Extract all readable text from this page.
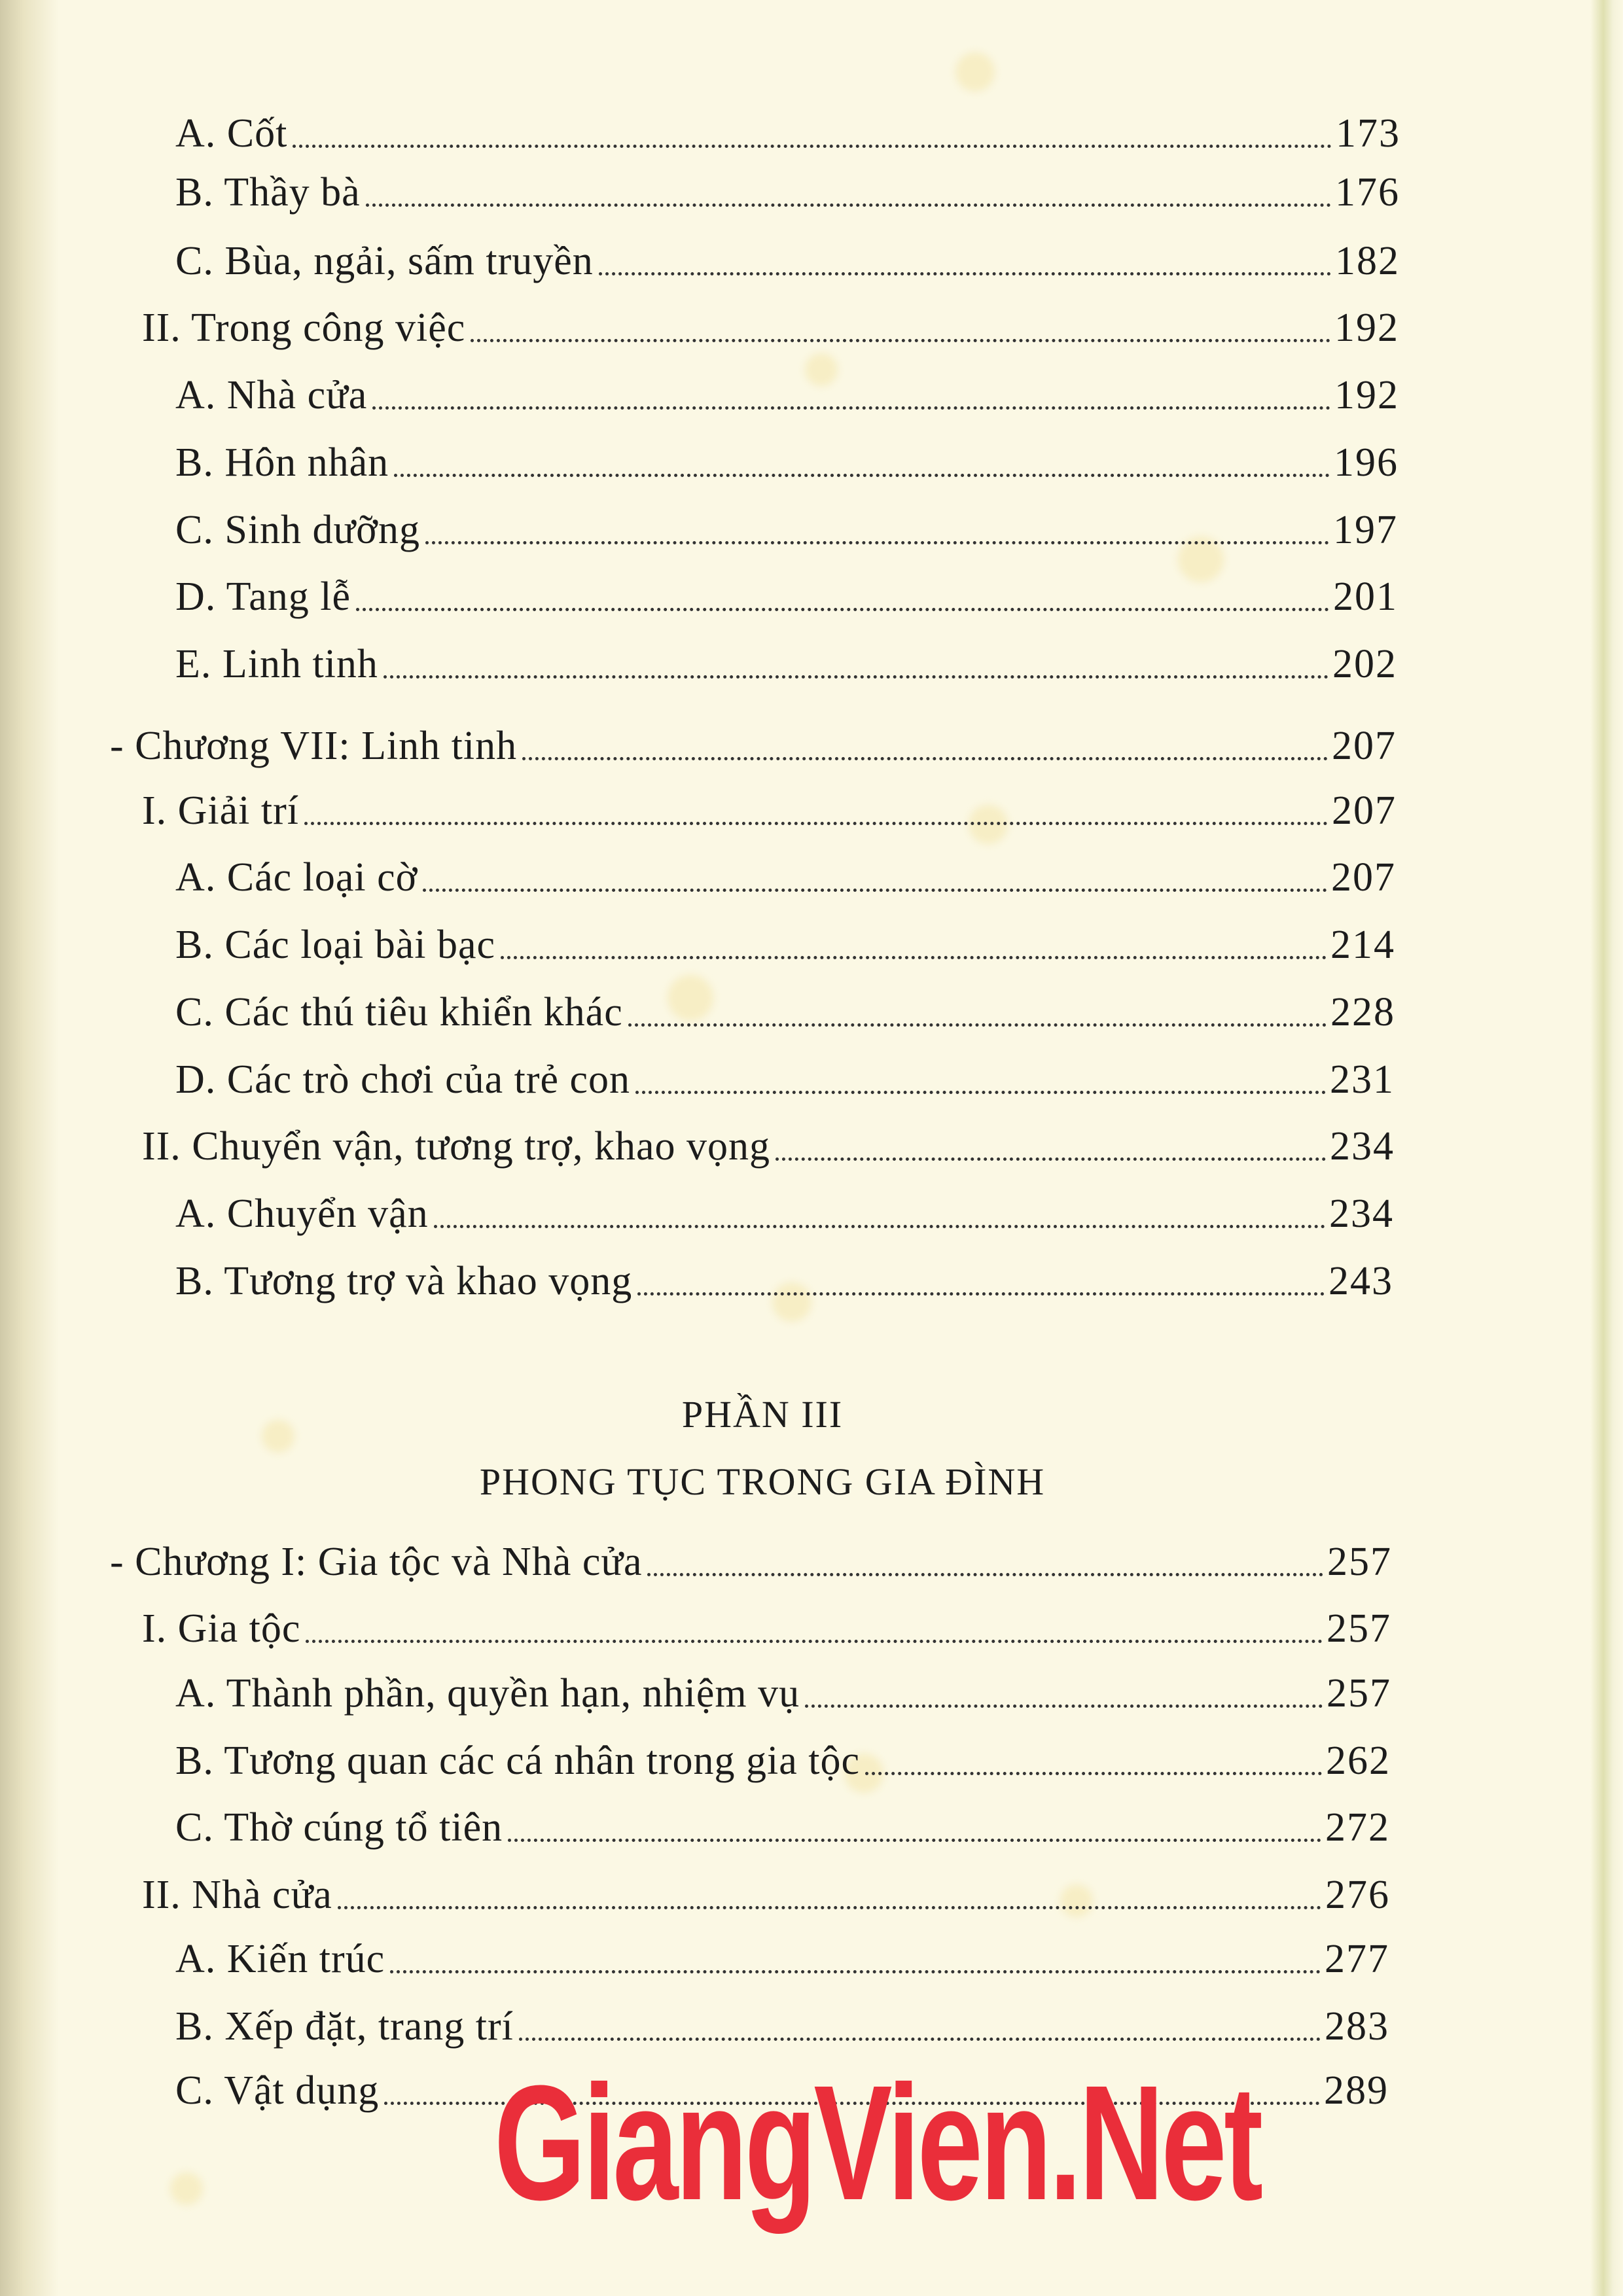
A. Cốt	173
B. Thầy bà	176
C. Bùa, ngải, sấm truyền	182
II. Trong công việc	192
A. Nhà cửa	192
B. Hôn nhân	196
C. Sinh dưỡng	197
D. Tang lễ	201
E. Linh tinh	202
- Chương VII: Linh tinh	207
I. Giải trí	207
A. Các loại cờ	207
B. Các loại bài bạc	214
C. Các thú tiêu khiển khác	228
D. Các trò chơi của trẻ con	231
II. Chuyển vận, tương trợ, khao vọng	234
A. Chuyển vận	234
B. Tương trợ và khao vọng	243
- Chương I: Gia tộc và Nhà cửa	257
I. Gia tộc	257
A. Thành phần, quyền hạn, nhiệm vụ	257
B. Tương quan các cá nhân trong gia tộc	262
C. Thờ cúng tổ tiên	272
II. Nhà cửa	276
A. Kiến trúc	277
B. Xếp đặt, trang trí	283
C. Vật dụng	289
PHẦN III
PHONG TỤC TRONG GIA ĐÌNH
GiangVien.Net
